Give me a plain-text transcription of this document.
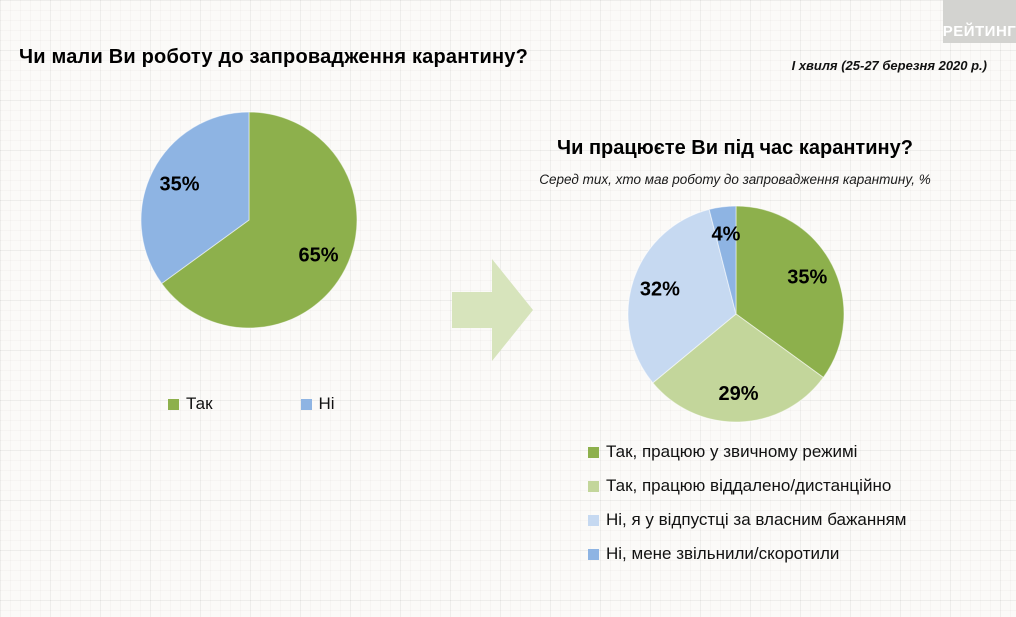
Чи мали Ви роботу до запровадження карантину?
РЕЙТИНГ
І хвиля (25-27 березня 2020 р.)
65%
35%
Так	Ні
Чи працюєте Ви під час карантину?
Серед тих, хто мав роботу до запровадження карантину, %
35%
29%
32%
4%
Так, працюю у звичному режимі
Так, працюю віддалено/дистанційно
Ні, я у відпустці за власним бажанням
Ні, мене звільнили/скоротили
